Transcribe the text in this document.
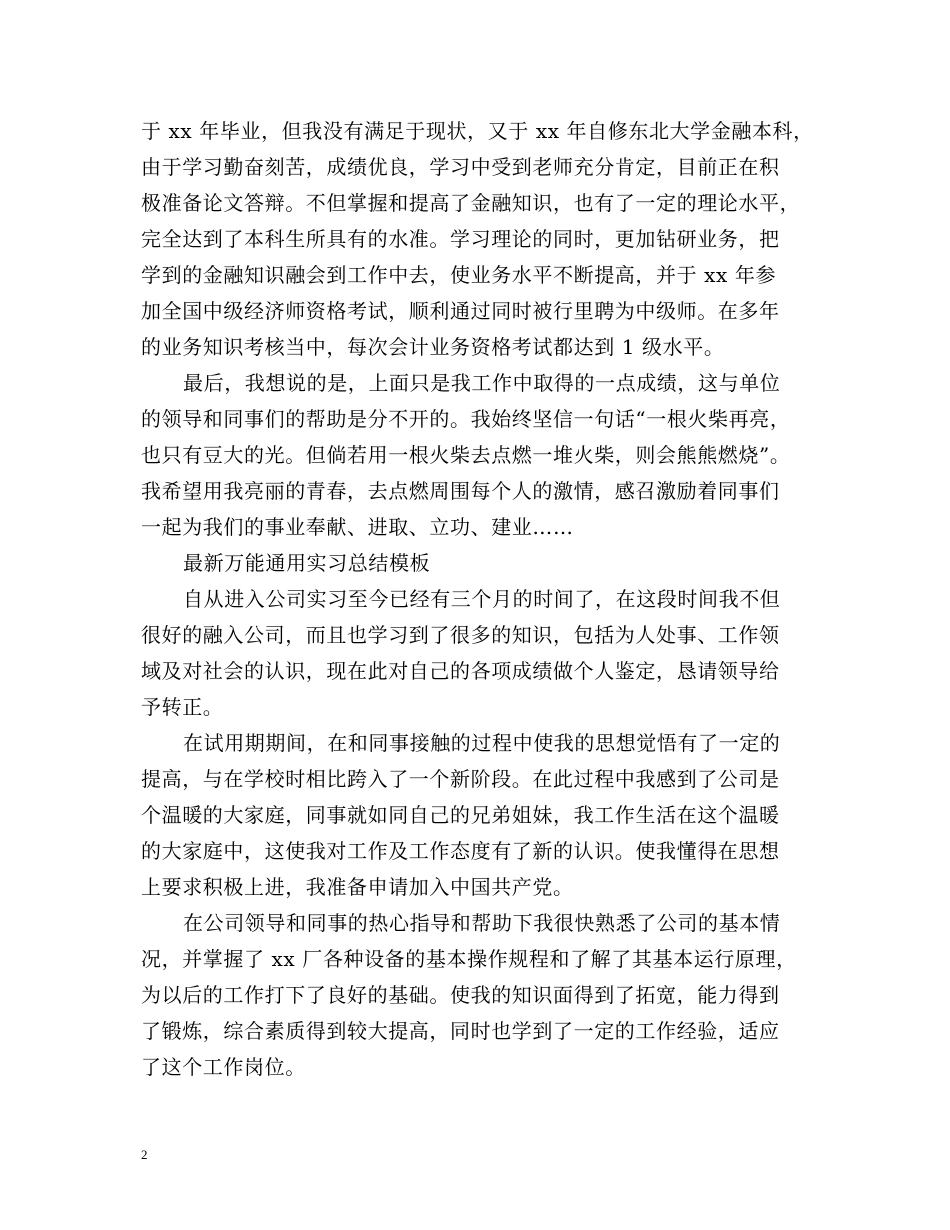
于 xx 年毕业，但我没有满足于现状，又于 xx 年自修东北大学金融本科，
由于学习勤奋刻苦，成绩优良，学习中受到老师充分肯定，目前正在积
极准备论文答辩。不但掌握和提高了金融知识，也有了一定的理论水平，
完全达到了本科生所具有的水准。学习理论的同时，更加钻研业务，把
学到的金融知识融会到工作中去，使业务水平不断提高，并于 xx 年参
加全国中级经济师资格考试，顺利通过同时被行里聘为中级师。在多年
的业务知识考核当中，每次会计业务资格考试都达到 1 级水平。
最后，我想说的是，上面只是我工作中取得的一点成绩，这与单位
的领导和同事们的帮助是分不开的。我始终坚信一句话“一根火柴再亮，
也只有豆大的光。但倘若用一根火柴去点燃一堆火柴，则会熊熊燃烧”。
我希望用我亮丽的青春，去点燃周围每个人的激情，感召激励着同事们
一起为我们的事业奉献、进取、立功、建业……
最新万能通用实习总结模板
自从进入公司实习至今已经有三个月的时间了，在这段时间我不但
很好的融入公司，而且也学习到了很多的知识，包括为人处事、工作领
域及对社会的认识，现在此对自己的各项成绩做个人鉴定，恳请领导给
予转正。
在试用期期间，在和同事接触的过程中使我的思想觉悟有了一定的
提高，与在学校时相比跨入了一个新阶段。在此过程中我感到了公司是
个温暖的大家庭，同事就如同自己的兄弟姐妹，我工作生活在这个温暖
的大家庭中，这使我对工作及工作态度有了新的认识。使我懂得在思想
上要求积极上进，我准备申请加入中国共产党。
在公司领导和同事的热心指导和帮助下我很快熟悉了公司的基本情
况，并掌握了 xx 厂各种设备的基本操作规程和了解了其基本运行原理，
为以后的工作打下了良好的基础。使我的知识面得到了拓宽，能力得到
了锻炼，综合素质得到较大提高，同时也学到了一定的工作经验，适应
了这个工作岗位。
2
